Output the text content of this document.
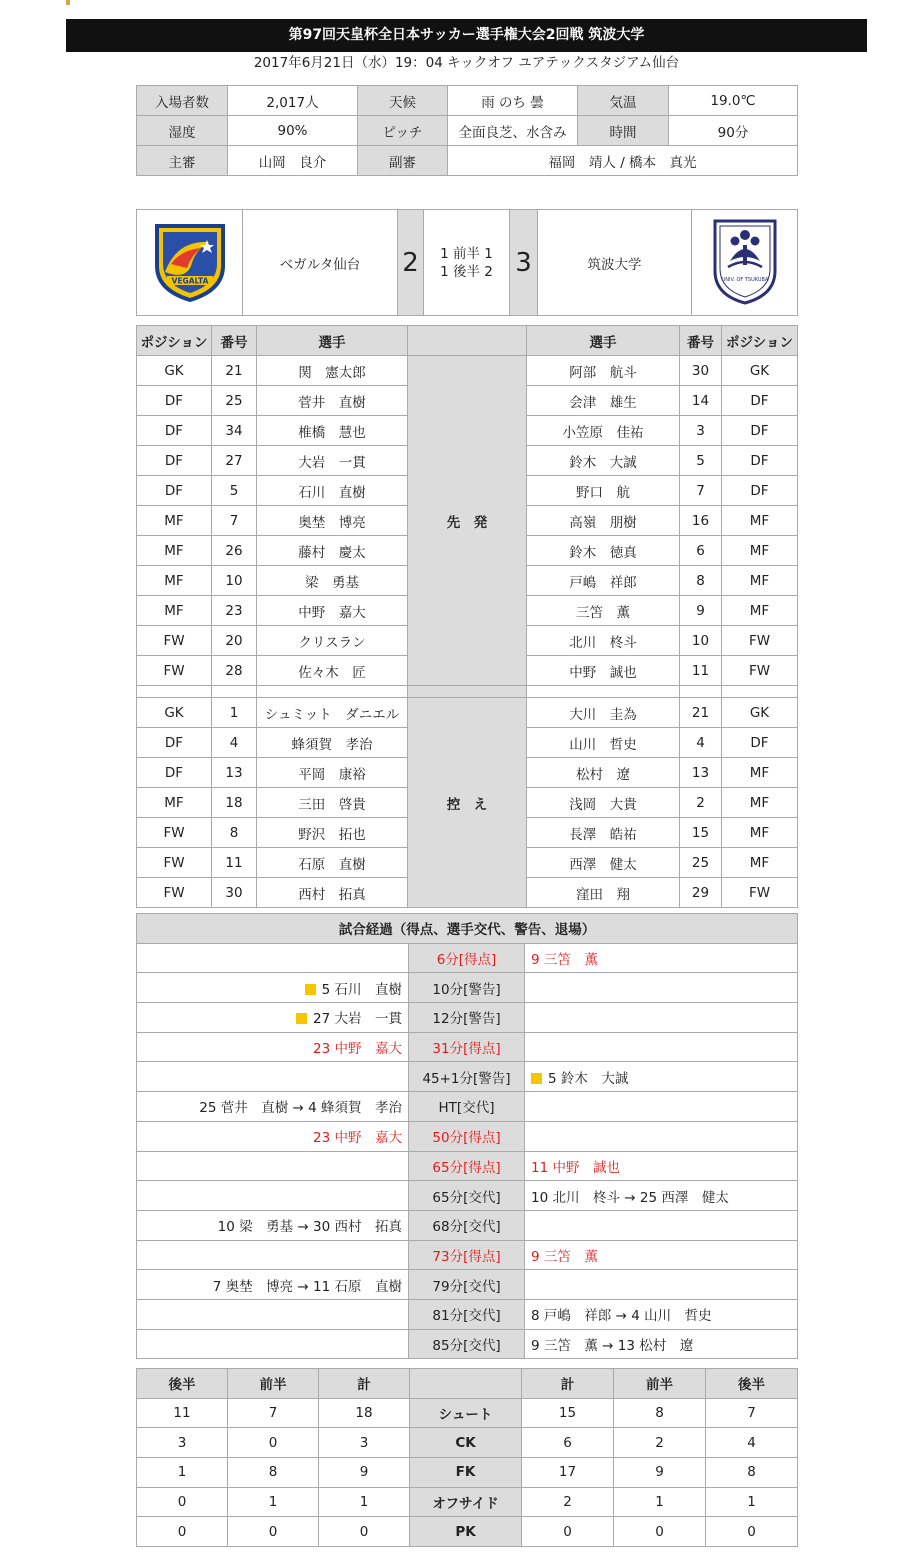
第97回天皇杯全日本サッカー選手権大会2回戦 筑波大学
2017年6月21日（水）19：04 キックオフ ユアテックスタジアム仙台
入場者数	2,017人	天候	雨 のち 曇	気温	19.0℃
湿度	90%	ピッチ	全面良芝、水含み	時間	90分
主審	山岡　良介	副審	福岡　靖人 / 橋本　真光		
VEGALTA
	ベガルタ仙台	2	1 前半 1
1 後半 2	3	筑波大学	
UNIV. OF TSUKUBA
ポジション	番号	選手		選手	番号	ポジション
GK	21	関　憲太郎	先　発	阿部　航斗	30	GK
DF	25	菅井　直樹		会津　雄生	14	DF
DF	34	椎橋　慧也		小笠原　佳祐	3	DF
DF	27	大岩　一貫		鈴木　大誠	5	DF
DF	5	石川　直樹		野口　航	7	DF
MF	7	奥埜　博亮		高嶺　朋樹	16	MF
MF	26	藤村　慶太		鈴木　徳真	6	MF
MF	10	梁　勇基		戸嶋　祥郎	8	MF
MF	23	中野　嘉大		三笘　薫	9	MF
FW	20	クリスラン		北川　柊斗	10	FW
FW	28	佐々木　匠		中野　誠也	11	FW

GK	1	シュミット　ダニエル	控　え	大川　圭為	21	GK
DF	4	蜂須賀　孝治		山川　哲史	4	DF
DF	13	平岡　康裕		松村　遼	13	MF
MF	18	三田　啓貴		浅岡　大貴	2	MF
FW	8	野沢　拓也		長澤　皓祐	15	MF
FW	11	石原　直樹		西澤　健太	25	MF
FW	30	西村　拓真		窪田　翔	29	FW
試合経過（得点、選手交代、警告、退場）		
	6分[得点]	9 三笘　薫
5 石川　直樹	10分[警告]	
27 大岩　一貫	12分[警告]	
23 中野　嘉大	31分[得点]	
	45+1分[警告]	5 鈴木　大誠
25 菅井　直樹 → 4 蜂須賀　孝治	HT[交代]	
23 中野　嘉大	50分[得点]	
	65分[得点]	11 中野　誠也
	65分[交代]	10 北川　柊斗 → 25 西澤　健太
10 梁　勇基 → 30 西村　拓真	68分[交代]	
	73分[得点]	9 三笘　薫
7 奥埜　博亮 → 11 石原　直樹	79分[交代]	
	81分[交代]	8 戸嶋　祥郎 → 4 山川　哲史
	85分[交代]	9 三笘　薫 → 13 松村　遼
後半	前半	計		計	前半	後半
11	7	18	シュート	15	8	7
3	0	3	CK	6	2	4
1	8	9	FK	17	9	8
0	1	1	オフサイド	2	1	1
0	0	0	PK	0	0	0
